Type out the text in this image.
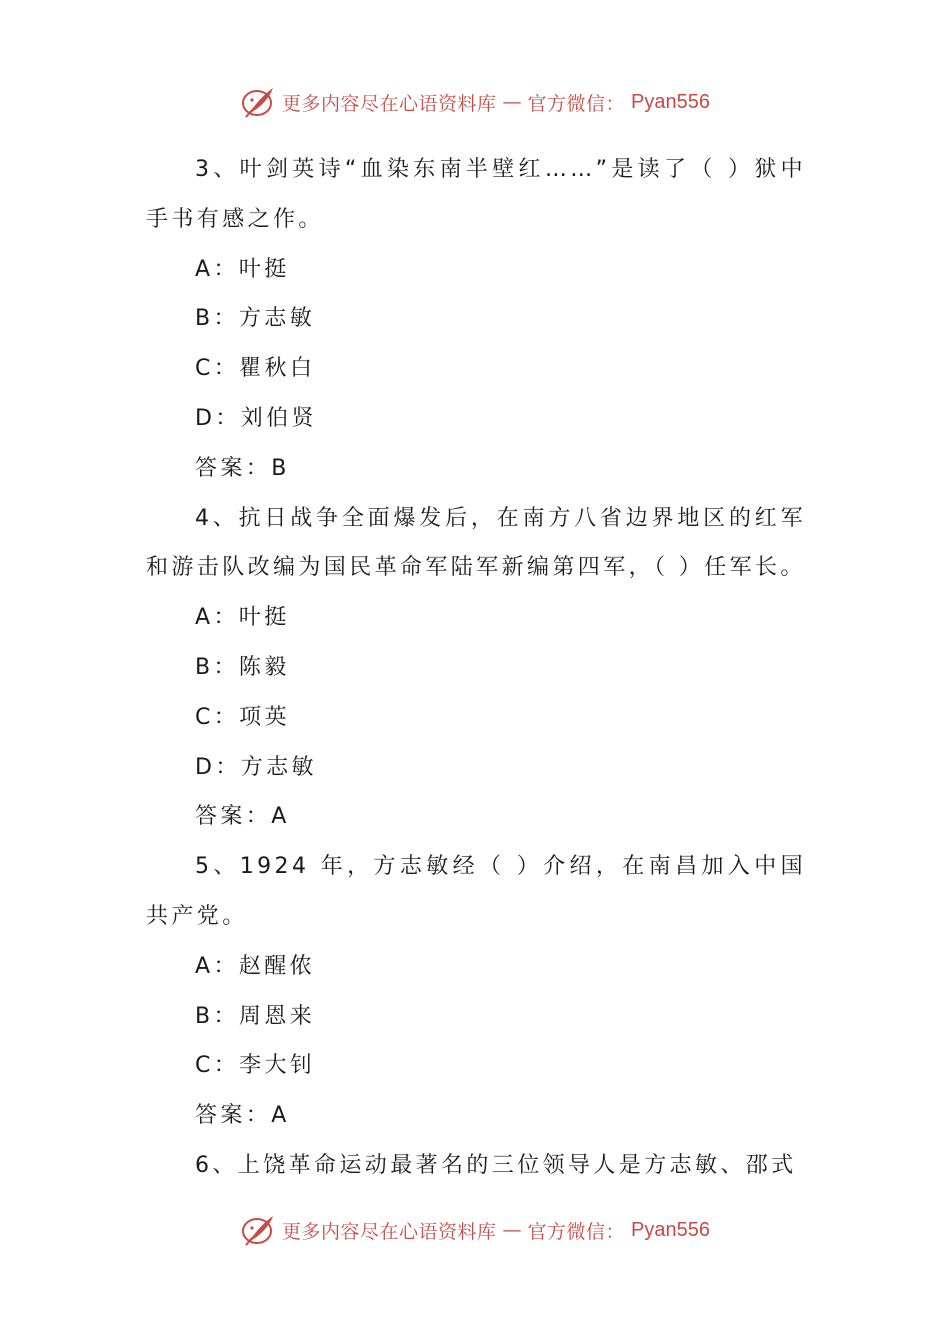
更多内容尽在心语资料库 — 官方微信： Pyan556
3、叶剑英诗“血染东南半壁红……”是读了（ ）狱中手书有感之作。
A：叶挺
B：方志敏
C：瞿秋白
D：刘伯贤
答案：B
4、抗日战争全面爆发后，在南方八省边界地区的红军和游击队改编为国民革命军陆军新编第四军，（ ）任军长。
A：叶挺
B：陈毅
C：项英
D：方志敏
答案：A
5、1924 年，方志敏经（ ）介绍，在南昌加入中国共产党。
A：赵醒侬
B：周恩来
C：李大钊
答案：A
6、上饶革命运动最著名的三位领导人是方志敏、邵式
更多内容尽在心语资料库 — 官方微信： Pyan556
